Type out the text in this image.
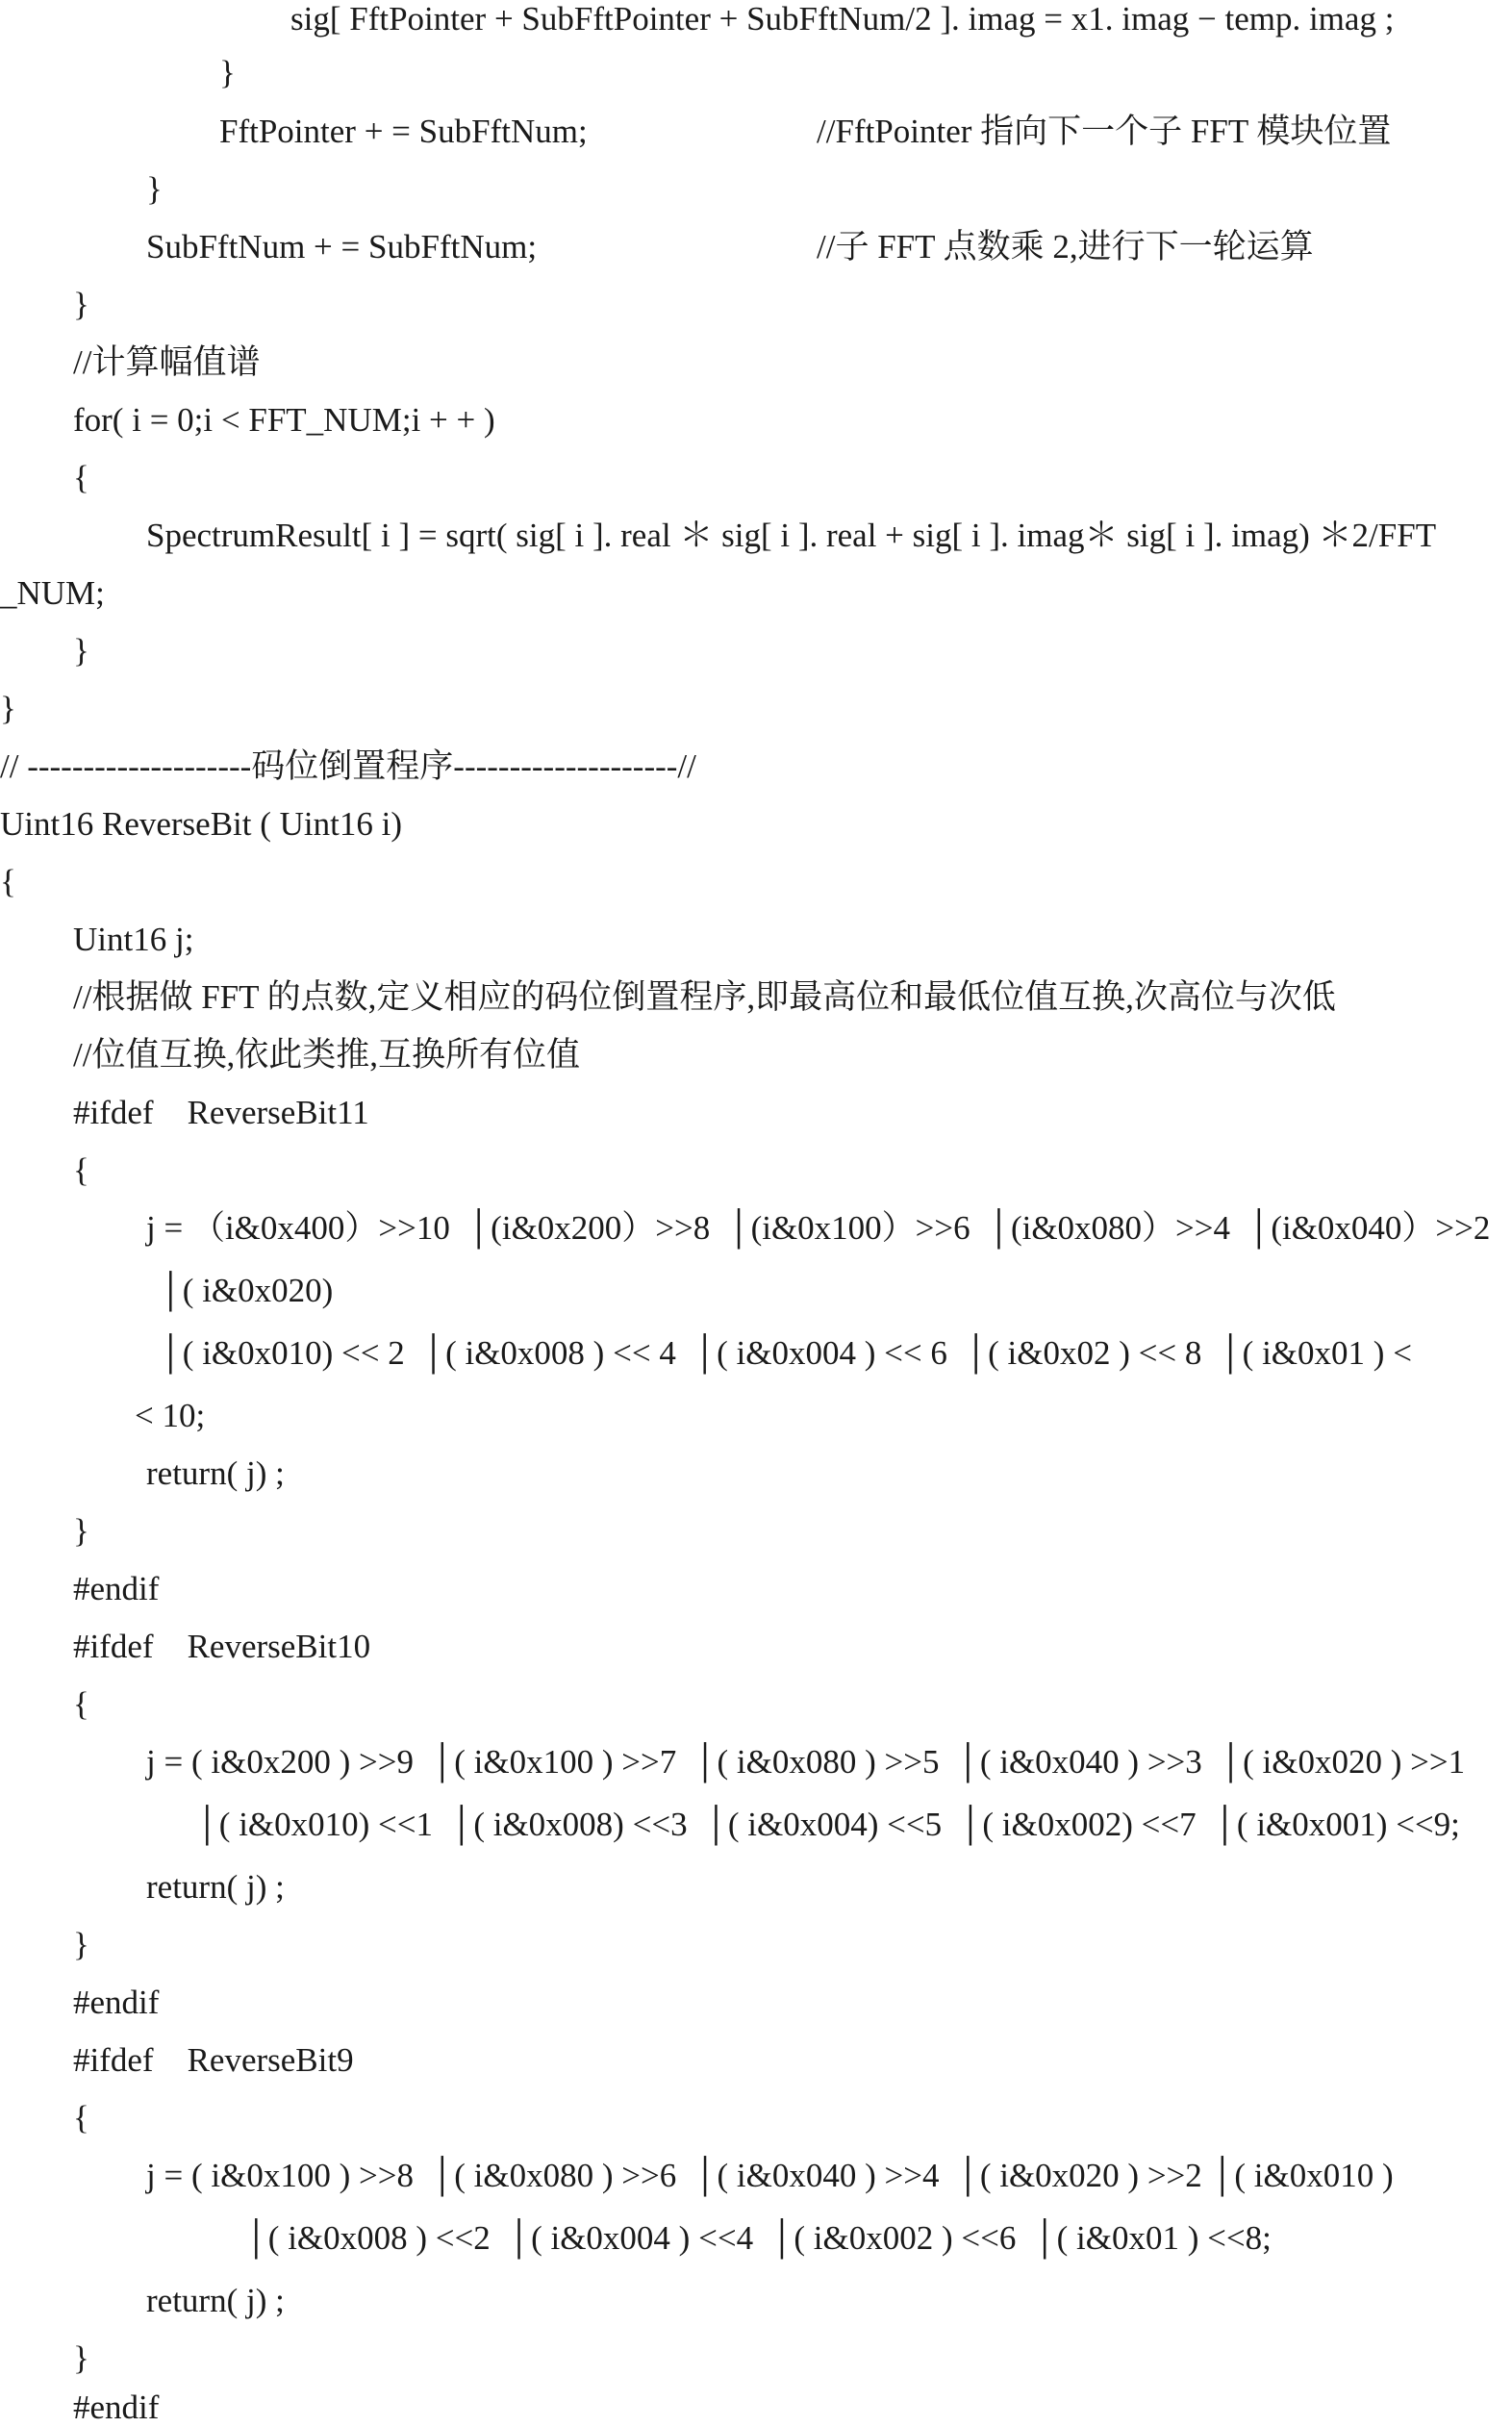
sig[ FftPointer + SubFftPointer + SubFftNum/2 ]. imag = x1. imag − temp. imag ;
}
FftPointer + = SubFftNum;	//FftPointer 指向下一个子 FFT 模块位置
}
SubFftNum + = SubFftNum;	//子 FFT 点数乘 2,进行下一轮运算
}
//计算幅值谱
for( i = 0;i < FFT_NUM;i + + )
{
SpectrumResult[ i ] = sqrt( sig[ i ]. real ＊ sig[ i ]. real + sig[ i ]. imag＊ sig[ i ]. imag) ＊2/FFT
_NUM;
}
}
// --------------------码位倒置程序--------------------//
Uint16 ReverseBit ( Uint16 i)
{
Uint16 j;
//根据做 FFT 的点数,定义相应的码位倒置程序,即最高位和最低位值互换,次高位与次低
//位值互换,依此类推,互换所有位值
#ifdef    ReverseBit11
{
j = （i&0x400）>>10  │(i&0x200）>>8  │(i&0x100）>>6  │(i&0x080）>>4  │(i&0x040）>>2
│( i&0x020)
│( i&0x010) << 2  │( i&0x008 ) << 4  │( i&0x004 ) << 6  │( i&0x02 ) << 8  │( i&0x01 ) <
< 10;
return( j) ;
}
#endif
#ifdef    ReverseBit10
{
j = ( i&0x200 ) >>9  │( i&0x100 ) >>7  │( i&0x080 ) >>5  │( i&0x040 ) >>3  │( i&0x020 ) >>1
│( i&0x010) <<1  │( i&0x008) <<3  │( i&0x004) <<5  │( i&0x002) <<7  │( i&0x001) <<9;
return( j) ;
}
#endif
#ifdef    ReverseBit9
{
j = ( i&0x100 ) >>8  │( i&0x080 ) >>6  │( i&0x040 ) >>4  │( i&0x020 ) >>2 │( i&0x010 )
│( i&0x008 ) <<2  │( i&0x004 ) <<4  │( i&0x002 ) <<6  │( i&0x01 ) <<8;
return( j) ;
}
#endif
